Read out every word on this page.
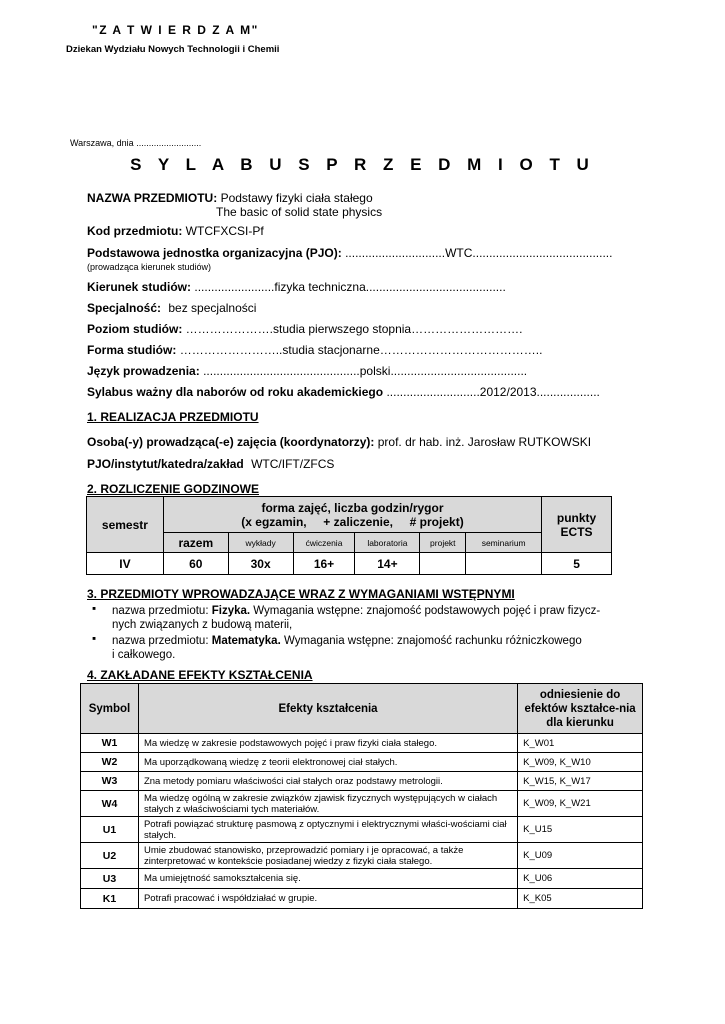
"Z A T W I E R D Z A M"
Dziekan Wydziału Nowych Technologii i Chemii
Warszawa, dnia ..........................
S Y L A B U S P R Z E D M I O T U
NAZWA PRZEDMIOTU: Podstawy fizyki ciała stałego
The basic of solid state physics
Kod przedmiotu: WTCFXCSI-Pf
Podstawowa jednostka organizacyjna (PJO): ..............................WTC..........................................
(prowadząca kierunek studiów)
Kierunek studiów: ........................fizyka techniczna..........................................
Specjalność: bez specjalności
Poziom studiów: ………………….studia pierwszego stopnia……………………….
Forma studiów: ……………………..studia stacjonarne…………………………………..
Język prowadzenia: ...............................................polski.........................................
Sylabus ważny dla naborów od roku akademickiego ............................2012/2013...................
1. REALIZACJA PRZEDMIOTU
Osoba(-y) prowadząca(-e) zajęcia (koordynatorzy): prof. dr hab. inż. Jarosław RUTKOWSKI
PJO/instytut/katedra/zakład WTC/IFT/ZFCS
2. ROZLICZENIE GODZINOWE
semestr	forma zajęć, liczba godzin/rygor
(x egzamin,     + zaliczenie,     # projekt)						punkty ECTS
	razem	wykłady	ćwiczenia	laboratoria	projekt	seminarium	
IV	60	30x	16+	14+			5
3. PRZEDMIOTY WPROWADZAJĄCE WRAZ Z WYMAGANIAMI WSTĘPNYMI
▪ nazwa przedmiotu: Fizyka. Wymagania wstępne: znajomość podstawowych pojęć i praw fizycz-
nych związanych z budową materii,
▪ nazwa przedmiotu: Matematyka. Wymagania wstępne: znajomość rachunku różniczkowego
i całkowego.
4. ZAKŁADANE EFEKTY KSZTAŁCENIA
Symbol	Efekty kształcenia	odniesienie do efektów kształce-nia dla kierunku
W1	Ma wiedzę w zakresie podstawowych pojęć i praw fizyki ciała stałego.	K_W01
W2	Ma uporządkowaną wiedzę z teorii elektronowej ciał stałych.	K_W09, K_W10
W3	Zna metody pomiaru właściwości ciał stałych oraz podstawy metrologii.	K_W15, K_W17
W4	Ma wiedzę ogólną w zakresie związków zjawisk fizycznych występujących w ciałach stałych z właściwościami tych materiałów.	K_W09, K_W21
U1	Potrafi powiązać strukturę pasmową z optycznymi i elektrycznymi właści-wościami ciał stałych.	K_U15
U2	Umie zbudować stanowisko, przeprowadzić pomiary i je opracować, a także zinterpretować w kontekście posiadanej wiedzy z fizyki ciała stałego.	K_U09
U3	Ma umiejętność samokształcenia się.	K_U06
K1	Potrafi pracować i współdziałać w grupie.	K_K05
